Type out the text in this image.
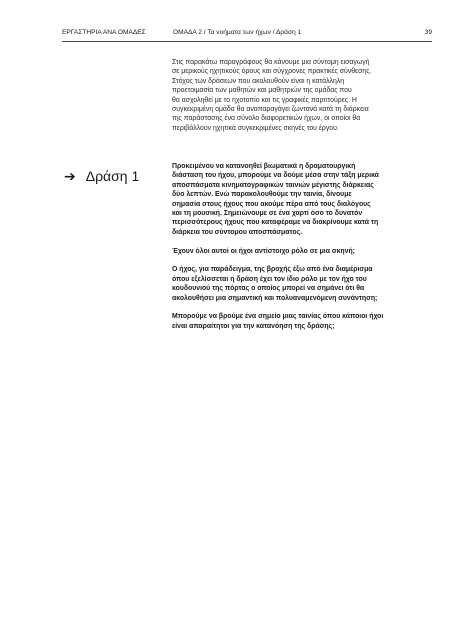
ΕΡΓΑΣΤΗΡΙΑ ΑΝΑ ΟΜΑΔΕΣ	ΟΜΑΔΑ 2 / Τα νοήματα των ήχων / Δράση 1	39
Στις παρακάτω παραγράφους θα κάνουμε μια σύντομη εισαγωγή
σε μερικούς ηχητικούς όρους και σύγχρονες πρακτικές σύνθεσης.
Στόχος των δράσεων που ακολουθούν είναι η κατάλληλη
προετοιμασία των μαθητών και μαθητριών της ομάδας που
θα ασχοληθεί με το ηχοτοπίο και τις γραφικές παρτιτούρες. Η
συγκεκριμένη ομάδα θα αναπαραγάγει ζωντανά κατά τη διάρκεια
της παράστασης ένα σύνολο διαφορετικών ήχων, οι οποίοι θα
περιβάλλουν ηχητικά συγκεκριμένες σκηνές του έργου.
➔ Δράση 1

Προκειμένου να κατανοηθεί βιωματικά η δραματουργική
διάσταση του ήχου, μπορούμε να δούμε μέσα στην τάξη μερικά
αποσπάσματα κινηματογραφικών ταινιών μέγιστης διάρκειας
δύο λεπτών. Ενώ παρακολουθούμε την ταινία, δίνουμε
σημασία στους ήχους που ακούμε πέρα από τους διαλόγους
και τη μουσική. Σημειώνουμε σε ένα χαρτί όσο το δυνατόν
περισσότερους ήχους που καταφέραμε να διακρίνουμε κατά τη
διάρκεια του σύντομου αποσπάσματος.

Έχουν όλοι αυτοί οι ήχοι αντίστοιχο ρόλο σε μια σκηνή;

Ο ήχος, για παράδειγμα, της βροχής έξω από ένα διαμέρισμα
όπου εξελίσσεται η δράση έχει τον ίδιο ρόλο με τον ήχο του
κουδουνιού της πόρτας ο οποίος μπορεί να σημάνει ότι θα
ακολουθήσει μια σημαντική και πολυαναμενόμενη συνάντηση;

Μπορούμε να βρούμε ένα σημείο μιας ταινίας όπου κάποιοι ήχοι
είναι απαραίτητοι για την κατανόηση της δράσης;
